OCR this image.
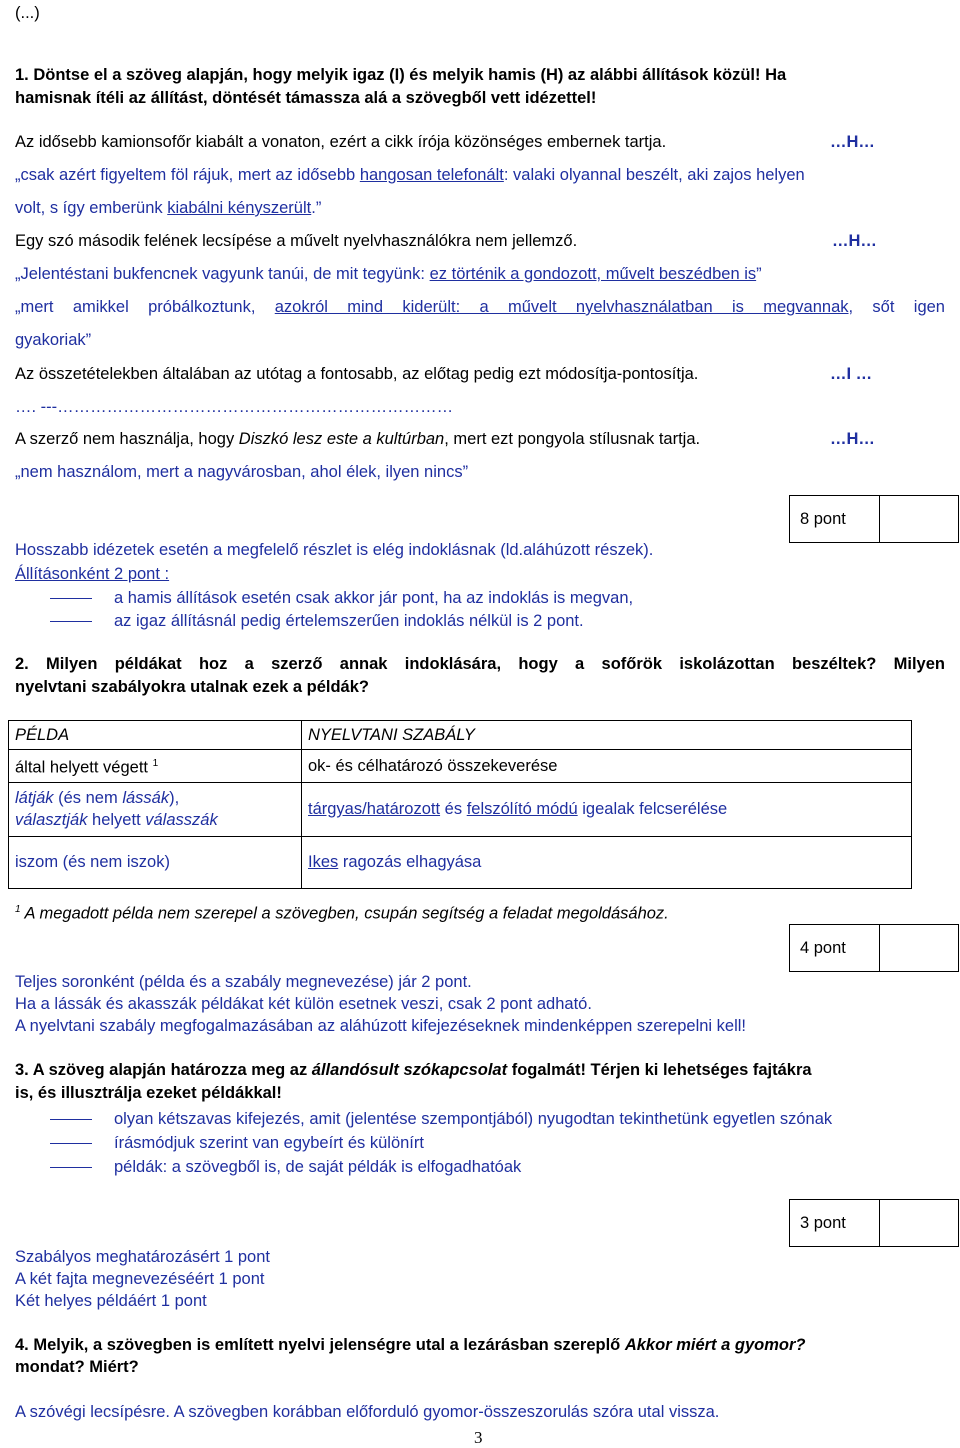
(...)
1. Döntse el a szöveg alapján, hogy melyik igaz (I) és melyik hamis (H) az alábbi állítások közül! Ha
hamisnak ítéli az állítást, döntését támassza alá a szövegből vett idézettel!
Az idősebb kamionsofőr kiabált a vonaton, ezért a cikk írója közönséges embernek tartja.	…H…
„csak azért figyeltem föl rájuk, mert az idősebb hangosan telefonált: valaki olyannal beszélt, aki zajos helyen
volt, s így emberünk kiabálni kényszerült.”
Egy szó második felének lecsípése a művelt nyelvhasználókra nem jellemző.	…H…
„Jelentéstani bukfencnek vagyunk tanúi, de mit tegyünk: ez történik a gondozott, művelt beszédben is”
„mert amikkel próbálkoztunk, azokról mind kiderült: a művelt nyelvhasználatban is megvannak, sőt igen
gyakoriak”
Az összetételekben általában az utótag a fontosabb, az előtag pedig ezt módosítja-pontosítja.	…I …
…. ---………………………………………………………………
A szerző nem használja, hogy Diszkó lesz este a kultúrban, mert ezt pongyola stílusnak tartja.	…H…
„nem használom, mert a nagyvárosban, ahol élek, ilyen nincs”
8 pont
Hosszabb idézetek esetén a megfelelő részlet is elég indoklásnak (ld.aláhúzott részek).
Állításonként 2 pont :
a hamis állítások esetén csak akkor jár pont, ha az indoklás is megvan,
az igaz állításnál pedig értelemszerűen indoklás nélkül is 2 pont.
2. Milyen példákat hoz a szerző annak indoklására, hogy a sofőrök iskolázottan beszéltek? Milyen
nyelvtani szabályokra utalnak ezek a példák?
PÉLDA	NYELVTANI SZABÁLY
által helyett végett $^1$	ok- és célhatározó összekeverése
látják (és nem lássák),
választják helyett válasszák	tárgyas/határozott és felszólító módú igealak felcserélése
iszom (és nem iszok)	Ikes ragozás elhagyása
$^1$ A megadott példa nem szerepel a szövegben, csupán segítség a feladat megoldásához.
4 pont
Teljes soronként (példa és a szabály megnevezése) jár 2 pont.
Ha a lássák és akasszák példákat két külön esetnek veszi, csak 2 pont adható.
A nyelvtani szabály megfogalmazásában az aláhúzott kifejezéseknek mindenképpen szerepelni kell!
3. A szöveg alapján határozza meg az állandósult szókapcsolat fogalmát! Térjen ki lehetséges fajtákra
is, és illusztrálja ezeket példákkal!
olyan kétszavas kifejezés, amit (jelentése szempontjából) nyugodtan tekinthetünk egyetlen szónak
írásmódjuk szerint van egybeírt és különírt
példák: a szövegből is, de saját példák is elfogadhatóak
3 pont
Szabályos meghatározásért 1 pont
A két fajta megnevezéséért 1 pont
Két helyes példáért 1 pont
4. Melyik, a szövegben is említett nyelvi jelenségre utal a lezárásban szereplő Akkor miért a gyomor?
mondat? Miért?
A szóvégi lecsípésre. A szövegben korábban előforduló gyomor-összeszorulás szóra utal vissza.
3
